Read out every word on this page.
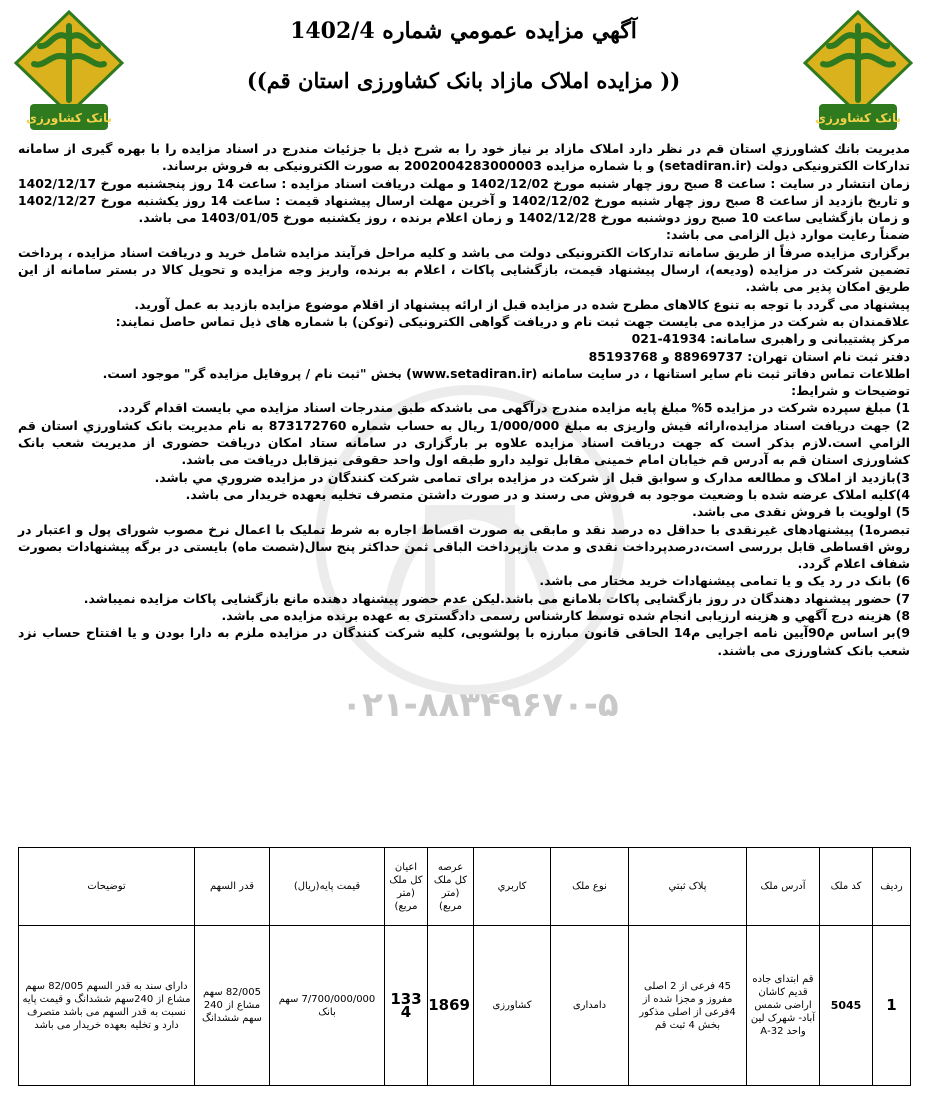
بانک کشاورزی	بانک کشاورزی
آگهي مزايده عمومي شماره 1402/4
(( مزایده املاک مازاد بانک کشاورزی استان قم))
۰۲۱-۸۸۳۴۹۶۷۰-۵

مديريت بانك كشاورزي استان قم در نظر دارد املاک مازاد بر نیاز خود را به شرح ذیل با جزئیات مندرج در اسناد مزایده را با بهره گیری از سامانه تدارکات الکترونیکی دولت (setadiran.ir) و با شماره مزایده 2002004283000003 به صورت الکترونیکی به فروش برساند.

زمان انتشار در سایت : ساعت 8 صبح روز چهار شنبه مورخ 1402/12/02 و مهلت دریافت اسناد مزایده : ساعت 14 روز پنجشنبه مورخ 1402/12/17 و تاریخ بازدید از ساعت 8 صبح روز چهار شنبه مورخ 1402/12/02 و آخرین مهلت ارسال پیشنهاد قیمت : ساعت 14 روز یکشنبه مورخ 1402/12/27 و زمان بازگشایی ساعت 10 صبح روز دوشنبه مورخ 1402/12/28 و زمان اعلام برنده ، روز یکشنبه مورخ 1403/01/05 می باشد.

ضمناً رعایت موارد ذیل الزامی می باشد:

برگزاری مزایده صرفاً از طریق سامانه تدارکات الکترونیکی دولت می باشد و کلیه مراحل فرآیند مزایده شامل خرید و دریافت اسناد مزایده ، پرداخت تضمین شرکت در مزایده (ودیعه)، ارسال پیشنهاد قیمت، بازگشایی پاکات ، اعلام به برنده، واریز وجه مزایده و تحویل کالا در بستر سامانه از این طریق امکان پذیر می باشد.

پیشنهاد می گردد با توجه به تنوع کالاهای مطرح شده در مزایده قبل از ارائه پیشنهاد از اقلام موضوع مزایده بازدید به عمل آورید.

علاقمندان به شرکت در مزایده می بایست جهت ثبت نام و دریافت گواهی الکترونیکی (توکن) با شماره های ذیل تماس حاصل نمایند:

مرکز پشتیبانی و راهبری سامانه: 41934-021

دفتر ثبت نام استان تهران: 88969737 و 85193768

اطلاعات تماس دفاتر ثبت نام سایر استانها ، در سایت سامانه (www.setadiran.ir) بخش "ثبت نام / پروفایل مزایده گر" موجود است.

توضیحات و شرایط:

1) مبلغ سپرده شرکت در مزایده 5% مبلغ پایه مزایده مندرج درآگهی می باشدکه طبق مندرجات اسناد مزایده مي بايست اقدام گردد.

2) جهت دریافت اسناد مزایده،ارائه فیش واریزی به مبلغ 1/000/000 ریال به حساب شماره 873172760 به نام مدیریت بانک کشاورزي استان قم الزامي است.لازم بذکر است که جهت دریافت اسناد مزایده علاوه بر بارگزاری در سامانه ستاد امکان دریافت حضوری از مدیریت شعب بانک کشاورزی استان قم به آدرس قم خیابان امام خمینی مقابل تولید دارو طبقه اول واحد حقوقی نیزقابل دریافت می باشد.

3)بازدید از املاک و مطالعه مدارک و سوابق قبل از شرکت در مزایده برای تمامی شرکت کنندگان در مزایده ضروري مي باشد.

4)کلیه املاک عرضه شده با وضعیت موجود به فروش می رسند و در صورت داشتن متصرف تخلیه بعهده خریدار می باشد.

5) اولویت با فروش نقدی می باشد.

تبصره1) پیشنهادهای غیرنقدی با حداقل ده درصد نقد و مابقی به صورت اقساط اجاره به شرط تملیک با اعمال نرخ مصوب شورای پول و اعتبار در روش اقساطی قابل بررسی است،درصدپرداخت نقدی و مدت بازپرداخت الباقی ثمن حداکثر پنج سال(شصت ماه) بایستی در برگه پیشنهادات بصورت شفاف اعلام گردد.

6) بانک در رد یک و یا تمامی پیشنهادات خرید مختار می باشد.

7) حضور پیشنهاد دهندگان در روز بازگشایی پاکات بلامانع می باشد.لیکن عدم حضور پیشنهاد دهنده مانع بازگشایی پاکات مزایده نمیباشد.

8) هزینه درج آگهي و هزینه ارزیابی انجام شده توسط کارشناس رسمی دادگستری به عهده برنده مزایده می باشد.

9)بر اساس م90آیین نامه اجرایی م14 الحاقی قانون مبارزه با پولشویی، کلیه شرکت کنندگان در مزایده ملزم به دارا بودن و یا افتتاح حساب نزد شعب بانک کشاورزی می باشند.

ردیف	کد ملک	آدرس ملک	پلاک ثبتي	نوع ملک	کاربري	عرصه کل ملک (متر مربع)	اعیان کل ملک (متر مربع)	قیمت پایه(ریال)	قدر السهم	توضیحات
1	5045	قم ابتدای جاده قدیم کاشان اراضی شمس آباد- شهرک لین واحد 32-A	45 فرعی از 2 اصلی مفروز و مجزا شده از 4فرعی از اصلی مذکور بخش 4 ثبت قم	دامداری	کشاورزی	1869	1334	7/700/000/000 سهم بانک	82/005 سهم مشاع از 240 سهم ششدانگ	دارای سند به قدر السهم 82/005 سهم مشاع از 240سهم ششدانگ و قیمت پایه نسبت به قدر السهم می باشد متصرف دارد و تخلیه بعهده خریدار می باشد
